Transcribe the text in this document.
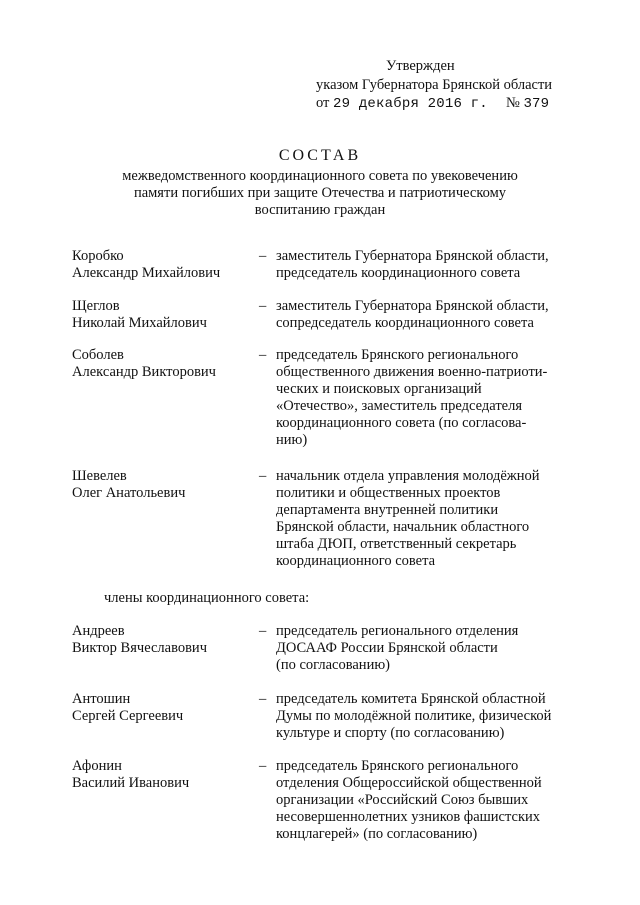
Утвержден
указом Губернатора Брянской области
от 29 декабря 2016 г. № 379
СОСТАВ
межведомственного координационного совета по увековечению
памяти погибших при защите Отечества и патриотическому
воспитанию граждан
Коробко
Александр Михайлович
– заместитель Губернатора Брянской области,
председатель координационного совета
Щеглов
Николай Михайлович
– заместитель Губернатора Брянской области,
сопредседатель координационного совета
Соболев
Александр Викторович
– председатель Брянского регионального
общественного движения военно-патриоти-
ческих и поисковых организаций
«Отечество», заместитель председателя
координационного совета (по согласова-
нию)
Шевелев
Олег Анатольевич
– начальник отдела управления молодёжной
политики и общественных проектов
департамента внутренней политики
Брянской области, начальник областного
штаба ДЮП, ответственный секретарь
координационного совета
члены координационного совета:
Андреев
Виктор Вячеславович
– председатель регионального отделения
ДОСААФ России Брянской области
(по согласованию)
Антошин
Сергей Сергеевич
– председатель комитета Брянской областной
Думы по молодёжной политике, физической
культуре и спорту (по согласованию)
Афонин
Василий Иванович
– председатель Брянского регионального
отделения Общероссийской общественной
организации «Российский Союз бывших
несовершеннолетних узников фашистских
концлагерей» (по согласованию)
